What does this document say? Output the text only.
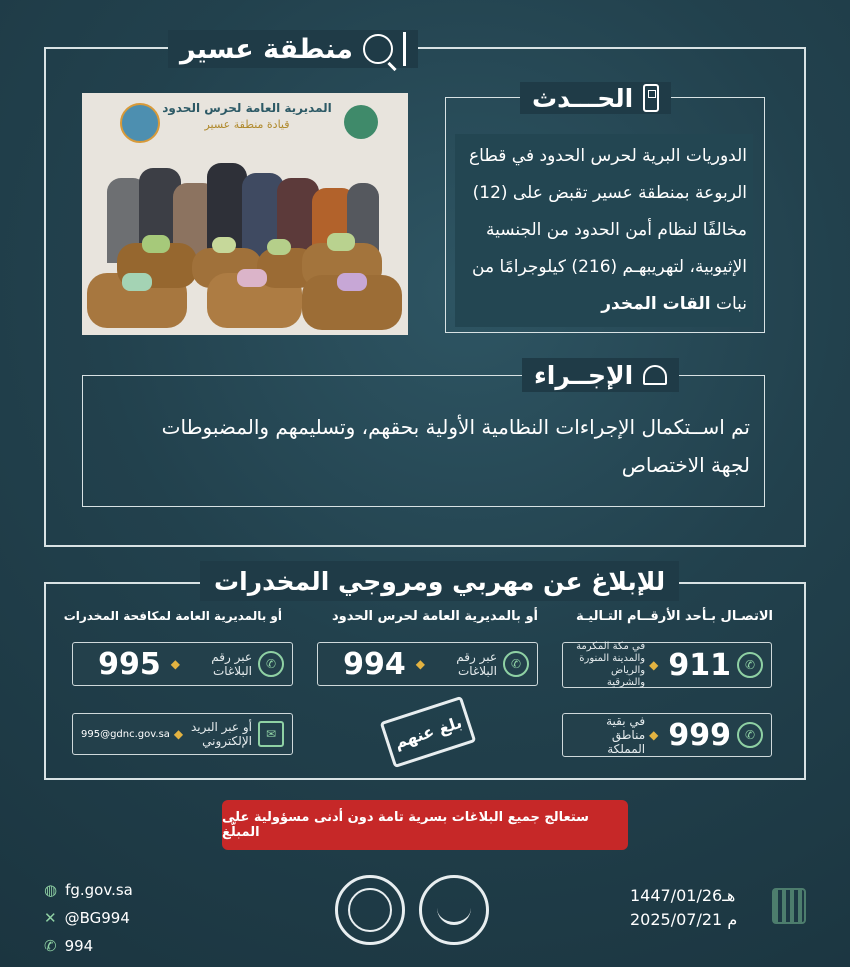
منطقة عسير
المديرية العامة لحرس الحدود
قيادة منطقة عسير
الحـــدث
الدوريات البرية لحرس الحدود في قطاع
الربوعة بمنطقة عسير تقبض على (12)
مخالفًا لنظام أمن الحدود من الجنسية
الإثيوبية، لتهريبهـم (216) كيلوجرامًا من
نبات القات المخدر
الإجــراء
تم اســتكمال الإجراءات النظامية الأولية بحقهم، وتسليمهم والمضبوطات
لجهة الاختصاص
للإبلاغ عن مهربي ومروجي المخدرات
الاتصـال بـأحد الأرقــام التـاليـة
أو بالمديرية العامة لحرس الحدود
أو بالمديرية العامة لمكافحة المخدرات
✆
911
◆
في مكة المكرمة والمدينة المنورة والرياض والشرقية
✆
999
◆
في بقية مناطق المملكة
✆
عبر رقم البلاغات
◆
994
✆
عبر رقم البلاغات
◆
995
✉
أو عبر البريد الإلكتروني
◆
995@gdnc.gov.sa	بلغ عنهم
ستعالج جميع البلاغات بسرية تامة دون أدنى مسؤولية على المبلّغ
◍ fg.gov.sa
✕ @BG994
✆ 994
1447/01/26هـ
2025/07/21 م
